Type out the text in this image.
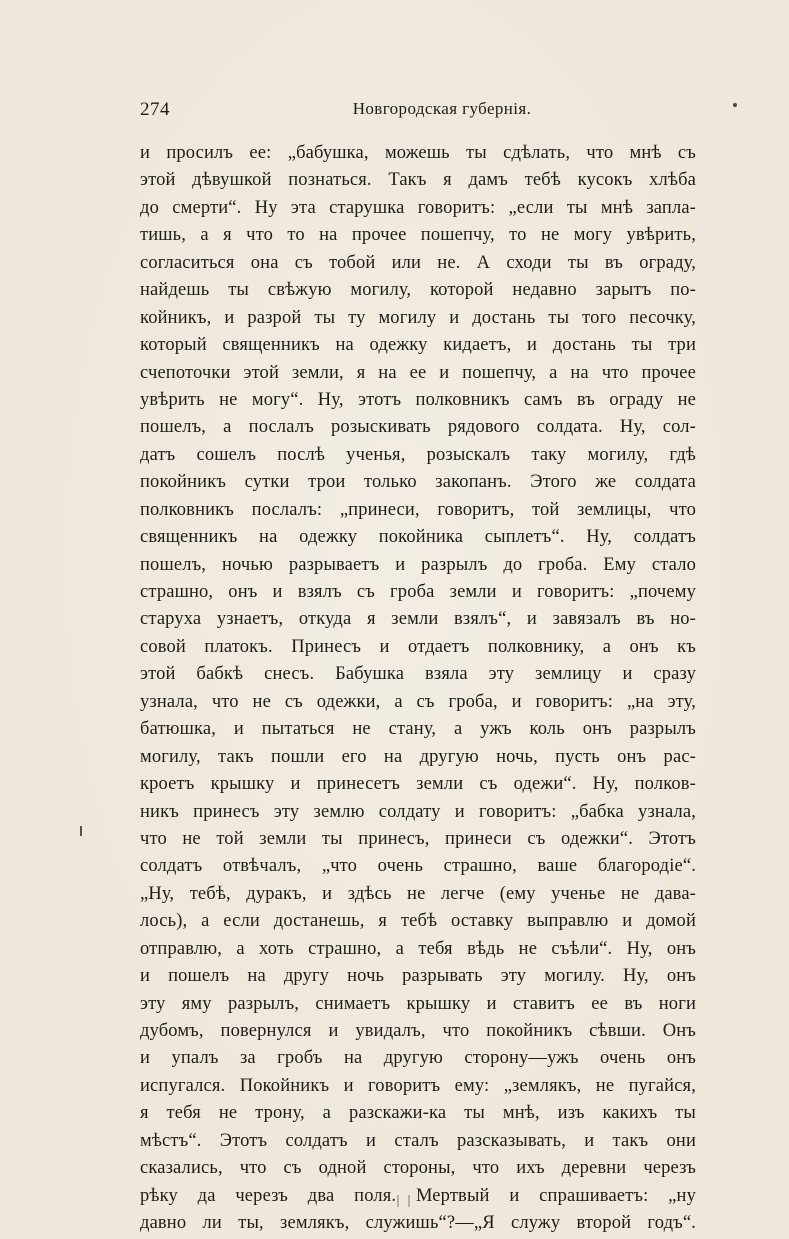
274	Новгородская губернія.
и просилъ ее: „бабушка, можешь ты сдѣлать, что мнѣ съ
этой дѣвушкой познаться. Такъ я дамъ тебѣ кусокъ хлѣба
до смерти“. Ну эта старушка говоритъ: „если ты мнѣ запла-
тишь, а я что то на прочее пошепчу, то не могу увѣрить,
согласиться она съ тобой или не. А сходи ты въ ограду,
найдешь ты свѣжую могилу, которой недавно зарытъ по-
койникъ, и разрой ты ту могилу и достань ты того песочку,
который священникъ на одежку кидаетъ, и достань ты три
счепоточки этой земли, я на ее и пошепчу, а на что прочее
увѣрить не могу“. Ну, этотъ полковникъ самъ въ ограду не
пошелъ, а послалъ розыскивать рядового солдата. Ну, сол-
датъ сошелъ послѣ ученья, розыскалъ таку могилу, гдѣ
покойникъ сутки трои только закопанъ. Этого же солдата
полковникъ послалъ: „принеси, говоритъ, той землицы, что
священникъ на одежку покойника сыплетъ“. Ну, солдатъ
пошелъ, ночью разрываетъ и разрылъ до гроба. Ему стало
страшно, онъ и взялъ съ гроба земли и говоритъ: „почему
старуха узнаетъ, откуда я земли взялъ“, и завязалъ въ но-
совой платокъ. Принесъ и отдаетъ полковнику, а онъ къ
этой бабкѣ снесъ. Бабушка взяла эту землицу и сразу
узнала, что не съ одежки, а съ гроба, и говоритъ: „на эту,
батюшка, и пытаться не стану, а ужъ коль онъ разрылъ
могилу, такъ пошли его на другую ночь, пусть онъ рас-
кроетъ крышку и принесетъ земли съ одежи“. Ну, полков-
никъ принесъ эту землю солдату и говоритъ: „бабка узнала,
что не той земли ты принесъ, принеси съ одежки“. Этотъ
солдатъ отвѣчалъ, „что очень страшно, ваше благородіе“.
„Ну, тебѣ, дуракъ, и здѣсь не легче (ему ученье не дава-
лось), а если достанешь, я тебѣ оставку выправлю и домой
отправлю, а хоть страшно, а тебя вѣдь не съѣли“. Ну, онъ
и пошелъ на другу ночь разрывать эту могилу. Ну, онъ
эту яму разрылъ, снимаетъ крышку и ставитъ ее въ ноги
дубомъ, повернулся и увидалъ, что покойникъ сѣвши. Онъ
и упалъ за гробъ на другую сторону—ужъ очень онъ
испугался. Покойникъ и говоритъ ему: „землякъ, не пугайся,
я тебя не трону, а разскажи-ка ты мнѣ, изъ какихъ ты
мѣстъ“. Этотъ солдатъ и сталъ разсказывать, и такъ они
сказались, что съ одной стороны, что ихъ деревни черезъ
рѣку да черезъ два поля. Мертвый и спрашиваетъ: „ну
давно ли ты, землякъ, служишь“?—„Я служу второй годъ“.
